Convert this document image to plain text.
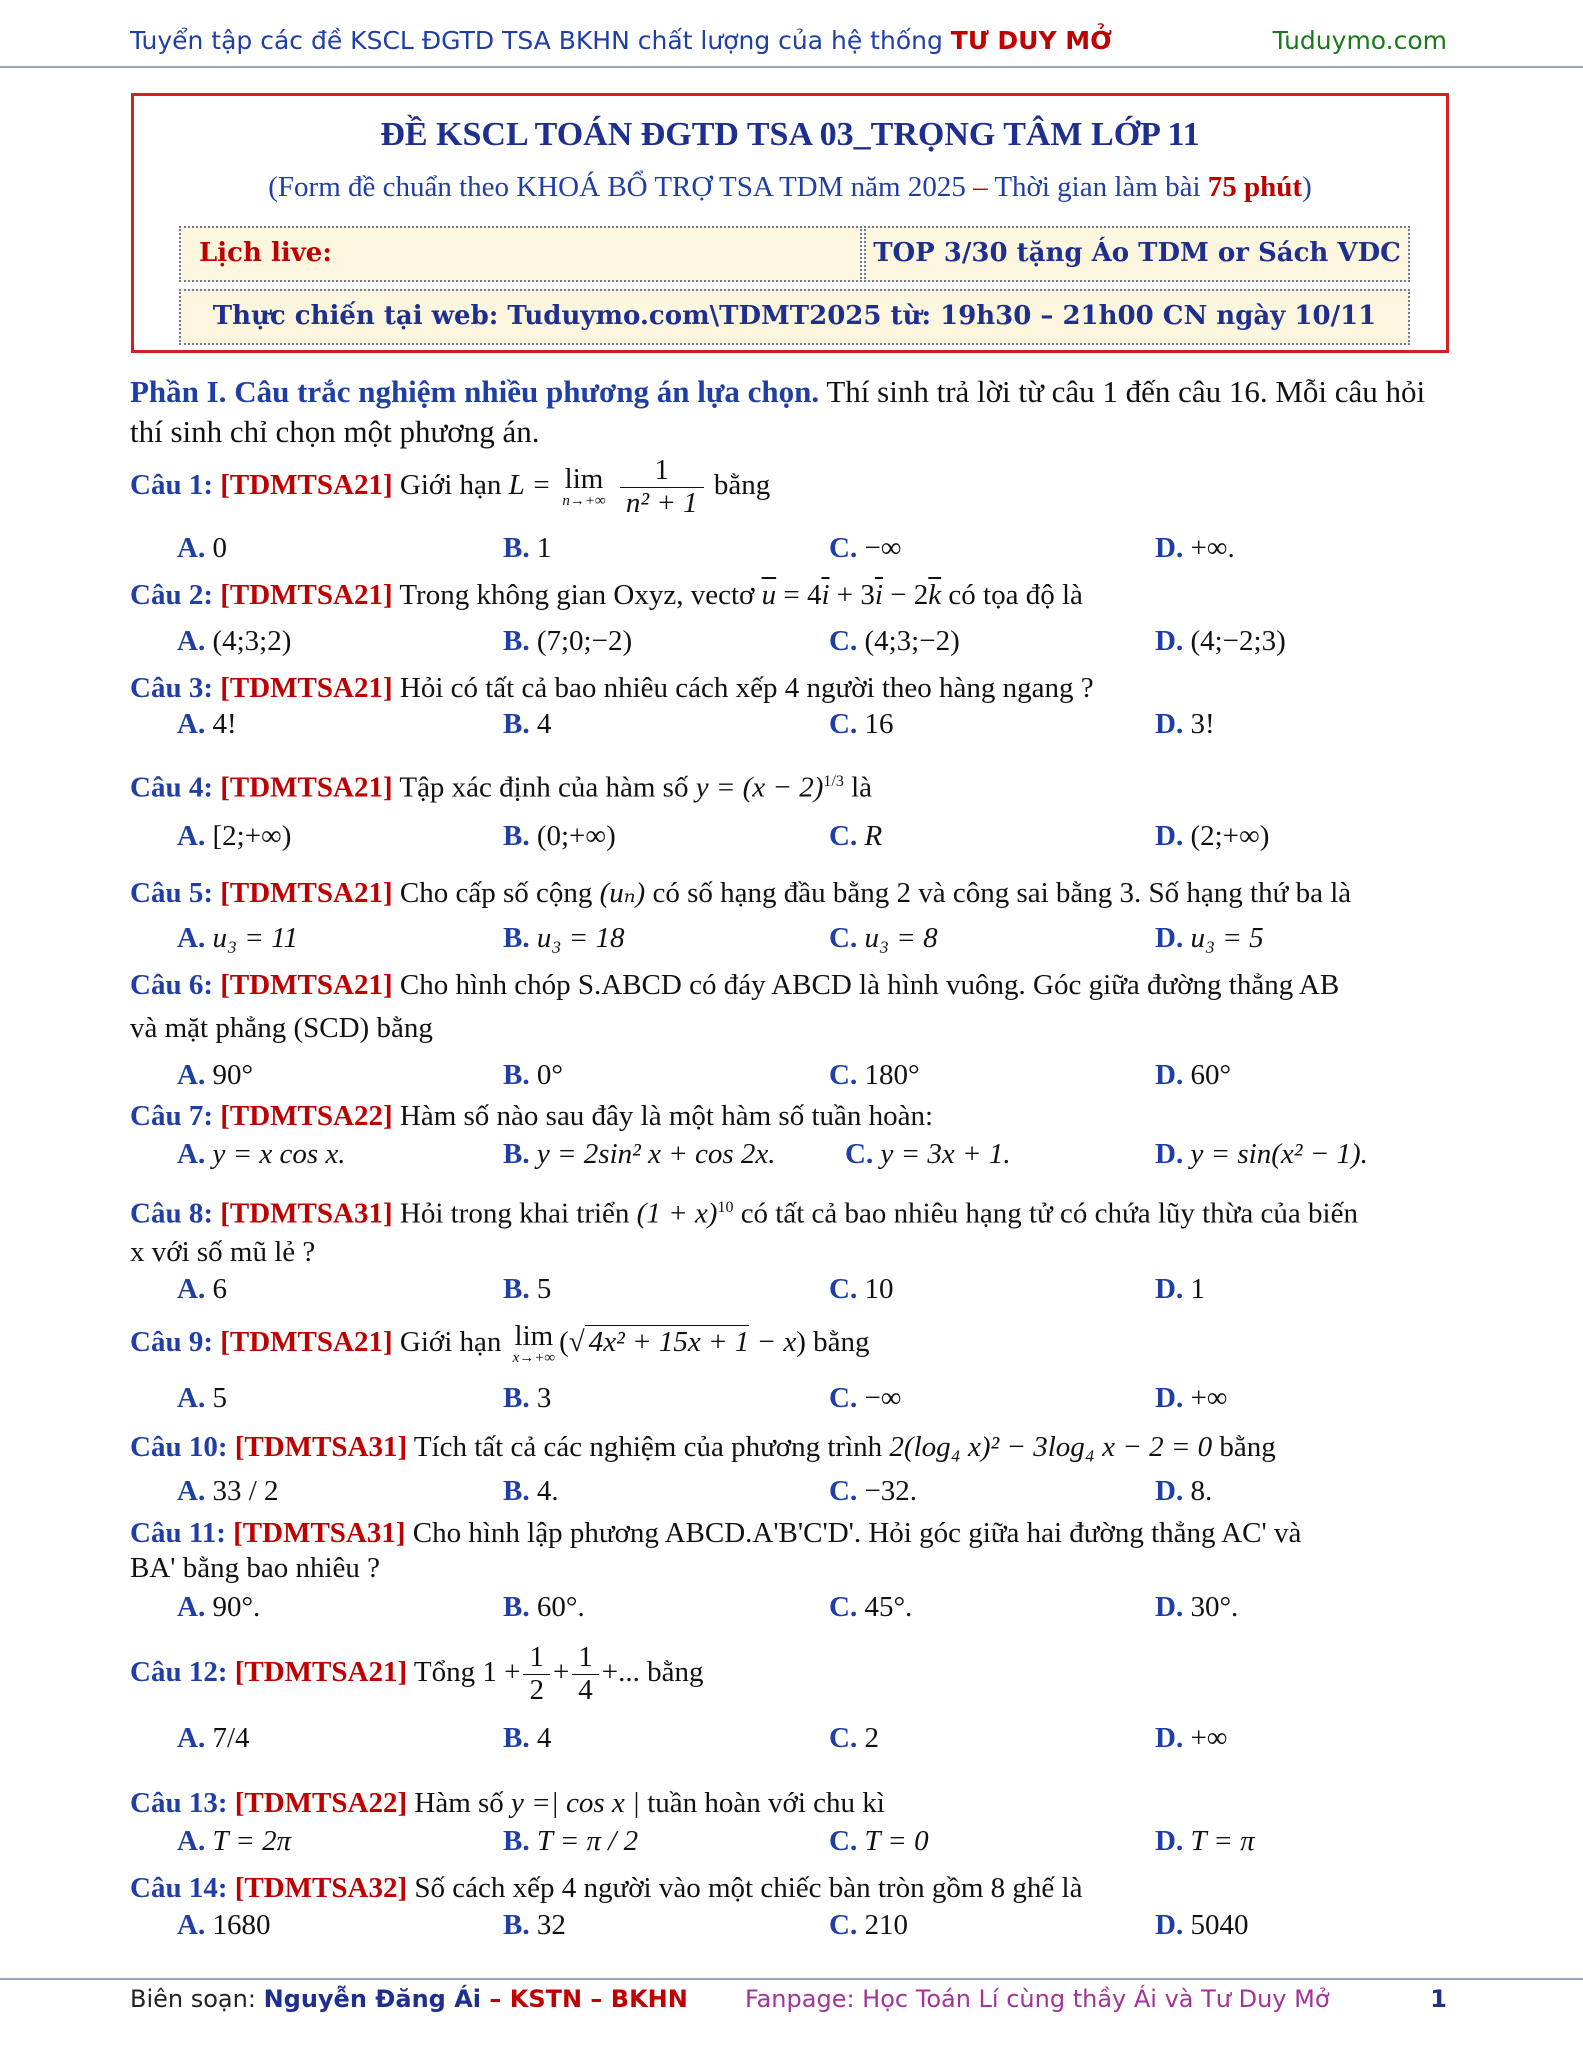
Tuyển tập các đề KSCL ĐGTD TSA BKHN chất lượng của hệ thống TƯ DUY MỞ	Tuduymo.com
ĐỀ KSCL TOÁN ĐGTD TSA 03_TRỌNG TÂM LỚP 11
(Form đề chuẩn theo KHOÁ BỔ TRỢ TSA TDM năm 2025 – Thời gian làm bài 75 phút)
Lịch live:	TOP 3/30 tặng Áo TDM or Sách VDC
Thực chiến tại web: Tuduymo.com\TDMT2025 từ: 19h30 – 21h00 CN ngày 10/11
Phần I. Câu trắc nghiệm nhiều phương án lựa chọn. Thí sinh trả lời từ câu 1 đến câu 16. Mỗi câu hỏi thí sinh chỉ chọn một phương án.
Câu 1: [TDMTSA21] Giới hạn L = lim
n→+∞
$\frac{1}{\text{n² + 1}}$ bằng
A. 0	B. 1	C. −∞	D. +∞.
Câu 2: [TDMTSA21] Trong không gian Oxyz, vectơ $\overline{u} = 4\overline{i} + 3\overline{i} - 2\overline{k}$ có tọa độ là
A. (4;3;2)	B. (7;0;−2)	C. (4;3;−2)	D. (4;−2;3)
Câu 3: [TDMTSA21] Hỏi có tất cả bao nhiêu cách xếp 4 người theo hàng ngang ?
A. 4!	B. 4	C. 16	D. 3!
Câu 4: [TDMTSA21] Tập xác định của hàm số $y = (x - 2)^{1/3}$ là
A. [2;+∞)	B. (0;+∞)	C. R	D. (2;+∞)
Câu 5: [TDMTSA21] Cho cấp số cộng (uₙ) có số hạng đầu bằng 2 và công sai bằng 3. Số hạng thứ ba là
A. u₃ = 11	B. u₃ = 18	C. u₃ = 8	D. u₃ = 5
Câu 6: [TDMTSA21] Cho hình chóp S.ABCD có đáy ABCD là hình vuông. Góc giữa đường thẳng AB
và mặt phẳng (SCD) bằng
A. 90°	B. 0°	C. 180°	D. 60°
Câu 7: [TDMTSA22] Hàm số nào sau đây là một hàm số tuần hoàn:
A. y = x cos x.	B. y = 2sin² x + cos 2x. C. y = 3x + 1.	D. y = sin(x² − 1).
Câu 8: [TDMTSA31] Hỏi trong khai triển $(1 + x)^{10}$ có tất cả bao nhiêu hạng tử có chứa lũy thừa của biến
x với số mũ lẻ ?
A. 6	B. 5	C. 10	D. 1
Câu 9: [TDMTSA21] Giới hạn lim
x→+∞
(√ 4x² + 15x + 1 − x) bằng
A. 5	B. 3	C. −∞	D. +∞
Câu 10: [TDMTSA31] Tích tất cả các nghiệm của phương trình 2(log₄ x)² − 3log₄ x − 2 = 0 bằng
A. 33 / 2	B. 4.	C. −32.	D. 8.
Câu 11: [TDMTSA31] Cho hình lập phương ABCD.A'B'C'D'. Hỏi góc giữa hai đường thẳng AC' và
BA' bằng bao nhiêu ?
A. 90°.	B. 60°.	C. 45°.	D. 30°.
Câu 12: [TDMTSA21] Tổng $1 + \frac{1}{2} + \frac{1}{4}$ +... bằng
A. 7/4	B. 4	C. 2	D. +∞
Câu 13: [TDMTSA22] Hàm số y =| cos x | tuần hoàn với chu kì
A. T = 2π	B. T = π / 2	C. T = 0	D. T = π
Câu 14: [TDMTSA32] Số cách xếp 4 người vào một chiếc bàn tròn gồm 8 ghế là
A. 1680	B. 32	C. 210	D. 5040
Biên soạn: Nguyễn Đăng Ái – KSTN – BKHN Fanpage: Học Toán Lí cùng thầy Ái và Tư Duy Mở	1
